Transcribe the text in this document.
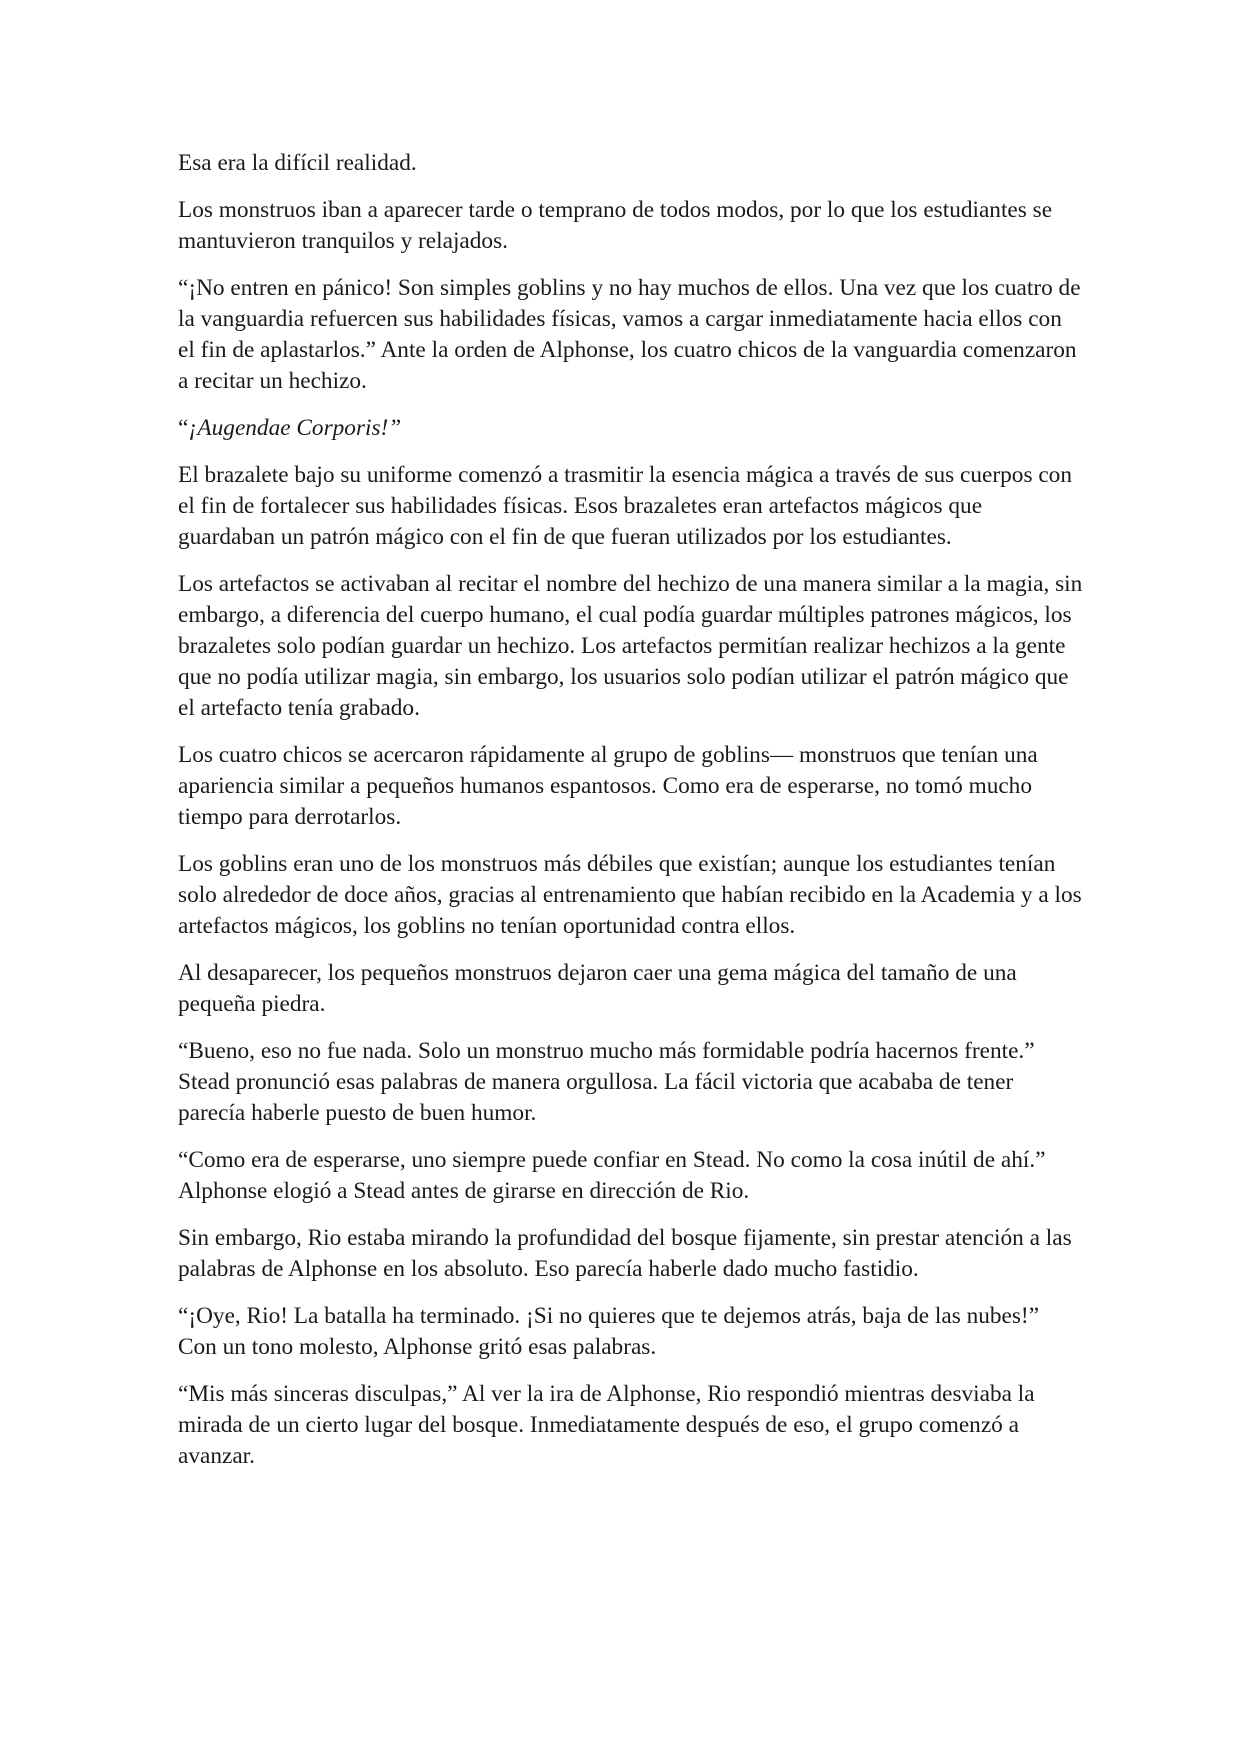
Esa era la difícil realidad.

Los monstruos iban a aparecer tarde o temprano de todos modos, por lo que los estudiantes se mantuvieron tranquilos y relajados.

“¡No entren en pánico! Son simples goblins y no hay muchos de ellos. Una vez que los cuatro de la vanguardia refuercen sus habilidades físicas, vamos a cargar inmediatamente hacia ellos con el fin de aplastarlos.” Ante la orden de Alphonse, los cuatro chicos de la vanguardia comenzaron a recitar un hechizo.

“¡Augendae Corporis!”

El brazalete bajo su uniforme comenzó a trasmitir la esencia mágica a través de sus cuerpos con el fin de fortalecer sus habilidades físicas. Esos brazaletes eran artefactos mágicos que guardaban un patrón mágico con el fin de que fueran utilizados por los estudiantes.

Los artefactos se activaban al recitar el nombre del hechizo de una manera similar a la magia, sin embargo, a diferencia del cuerpo humano, el cual podía guardar múltiples patrones mágicos, los brazaletes solo podían guardar un hechizo. Los artefactos permitían realizar hechizos a la gente que no podía utilizar magia, sin embargo, los usuarios solo podían utilizar el patrón mágico que el artefacto tenía grabado.

Los cuatro chicos se acercaron rápidamente al grupo de goblins— monstruos que tenían una apariencia similar a pequeños humanos espantosos. Como era de esperarse, no tomó mucho tiempo para derrotarlos.

Los goblins eran uno de los monstruos más débiles que existían; aunque los estudiantes tenían solo alrededor de doce años, gracias al entrenamiento que habían recibido en la Academia y a los artefactos mágicos, los goblins no tenían oportunidad contra ellos.

Al desaparecer, los pequeños monstruos dejaron caer una gema mágica del tamaño de una pequeña piedra.

“Bueno, eso no fue nada. Solo un monstruo mucho más formidable podría hacernos frente.” Stead pronunció esas palabras de manera orgullosa. La fácil victoria que acababa de tener parecía haberle puesto de buen humor.

“Como era de esperarse, uno siempre puede confiar en Stead. No como la cosa inútil de ahí.” Alphonse elogió a Stead antes de girarse en dirección de Rio.

Sin embargo, Rio estaba mirando la profundidad del bosque fijamente, sin prestar atención a las palabras de Alphonse en los absoluto. Eso parecía haberle dado mucho fastidio.

“¡Oye, Rio! La batalla ha terminado. ¡Si no quieres que te dejemos atrás, baja de las nubes!” Con un tono molesto, Alphonse gritó esas palabras.

“Mis más sinceras disculpas,” Al ver la ira de Alphonse, Rio respondió mientras desviaba la mirada de un cierto lugar del bosque. Inmediatamente después de eso, el grupo comenzó a avanzar.
